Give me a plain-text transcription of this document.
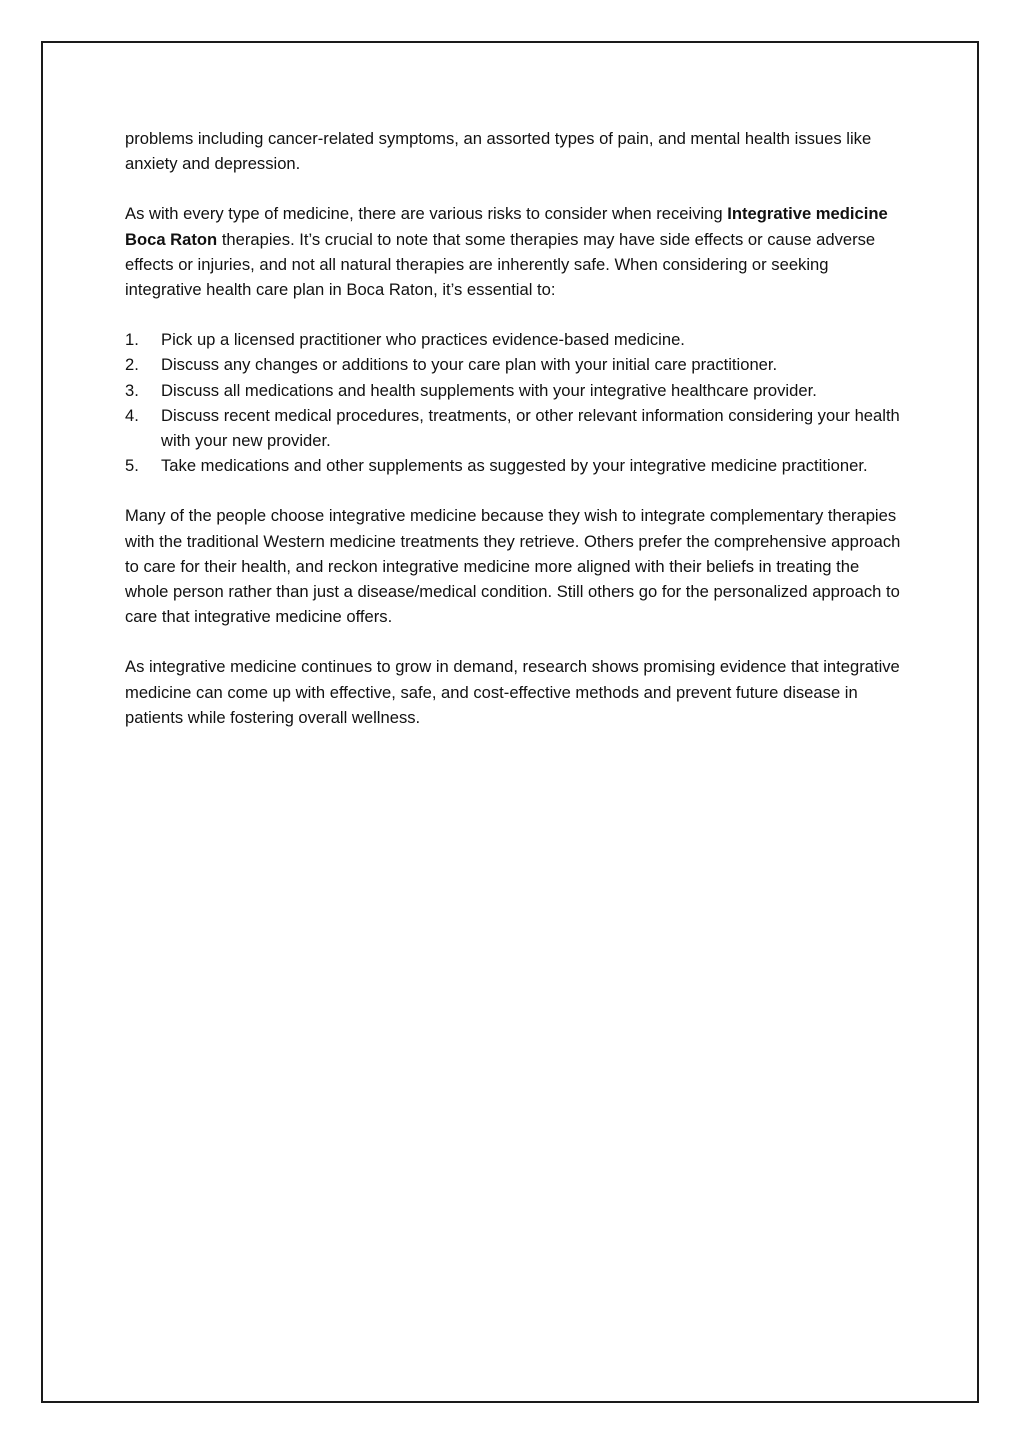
problems including cancer-related symptoms, an assorted types of pain, and mental health issues like anxiety and depression.

As with every type of medicine, there are various risks to consider when receiving Integrative medicine Boca Raton therapies. It’s crucial to note that some therapies may have side effects or cause adverse effects or injuries, and not all natural therapies are inherently safe. When considering or seeking integrative health care plan in Boca Raton, it’s essential to:

1. Pick up a licensed practitioner who practices evidence-based medicine.
2. Discuss any changes or additions to your care plan with your initial care practitioner.
3. Discuss all medications and health supplements with your integrative healthcare provider.
4. Discuss recent medical procedures, treatments, or other relevant information considering your health with your new provider.
5. Take medications and other supplements as suggested by your integrative medicine practitioner.

Many of the people choose integrative medicine because they wish to integrate complementary therapies with the traditional Western medicine treatments they retrieve. Others prefer the comprehensive approach to care for their health, and reckon integrative medicine more aligned with their beliefs in treating the whole person rather than just a disease/medical condition. Still others go for the personalized approach to care that integrative medicine offers.

As integrative medicine continues to grow in demand, research shows promising evidence that integrative medicine can come up with effective, safe, and cost-effective methods and prevent future disease in patients while fostering overall wellness.
